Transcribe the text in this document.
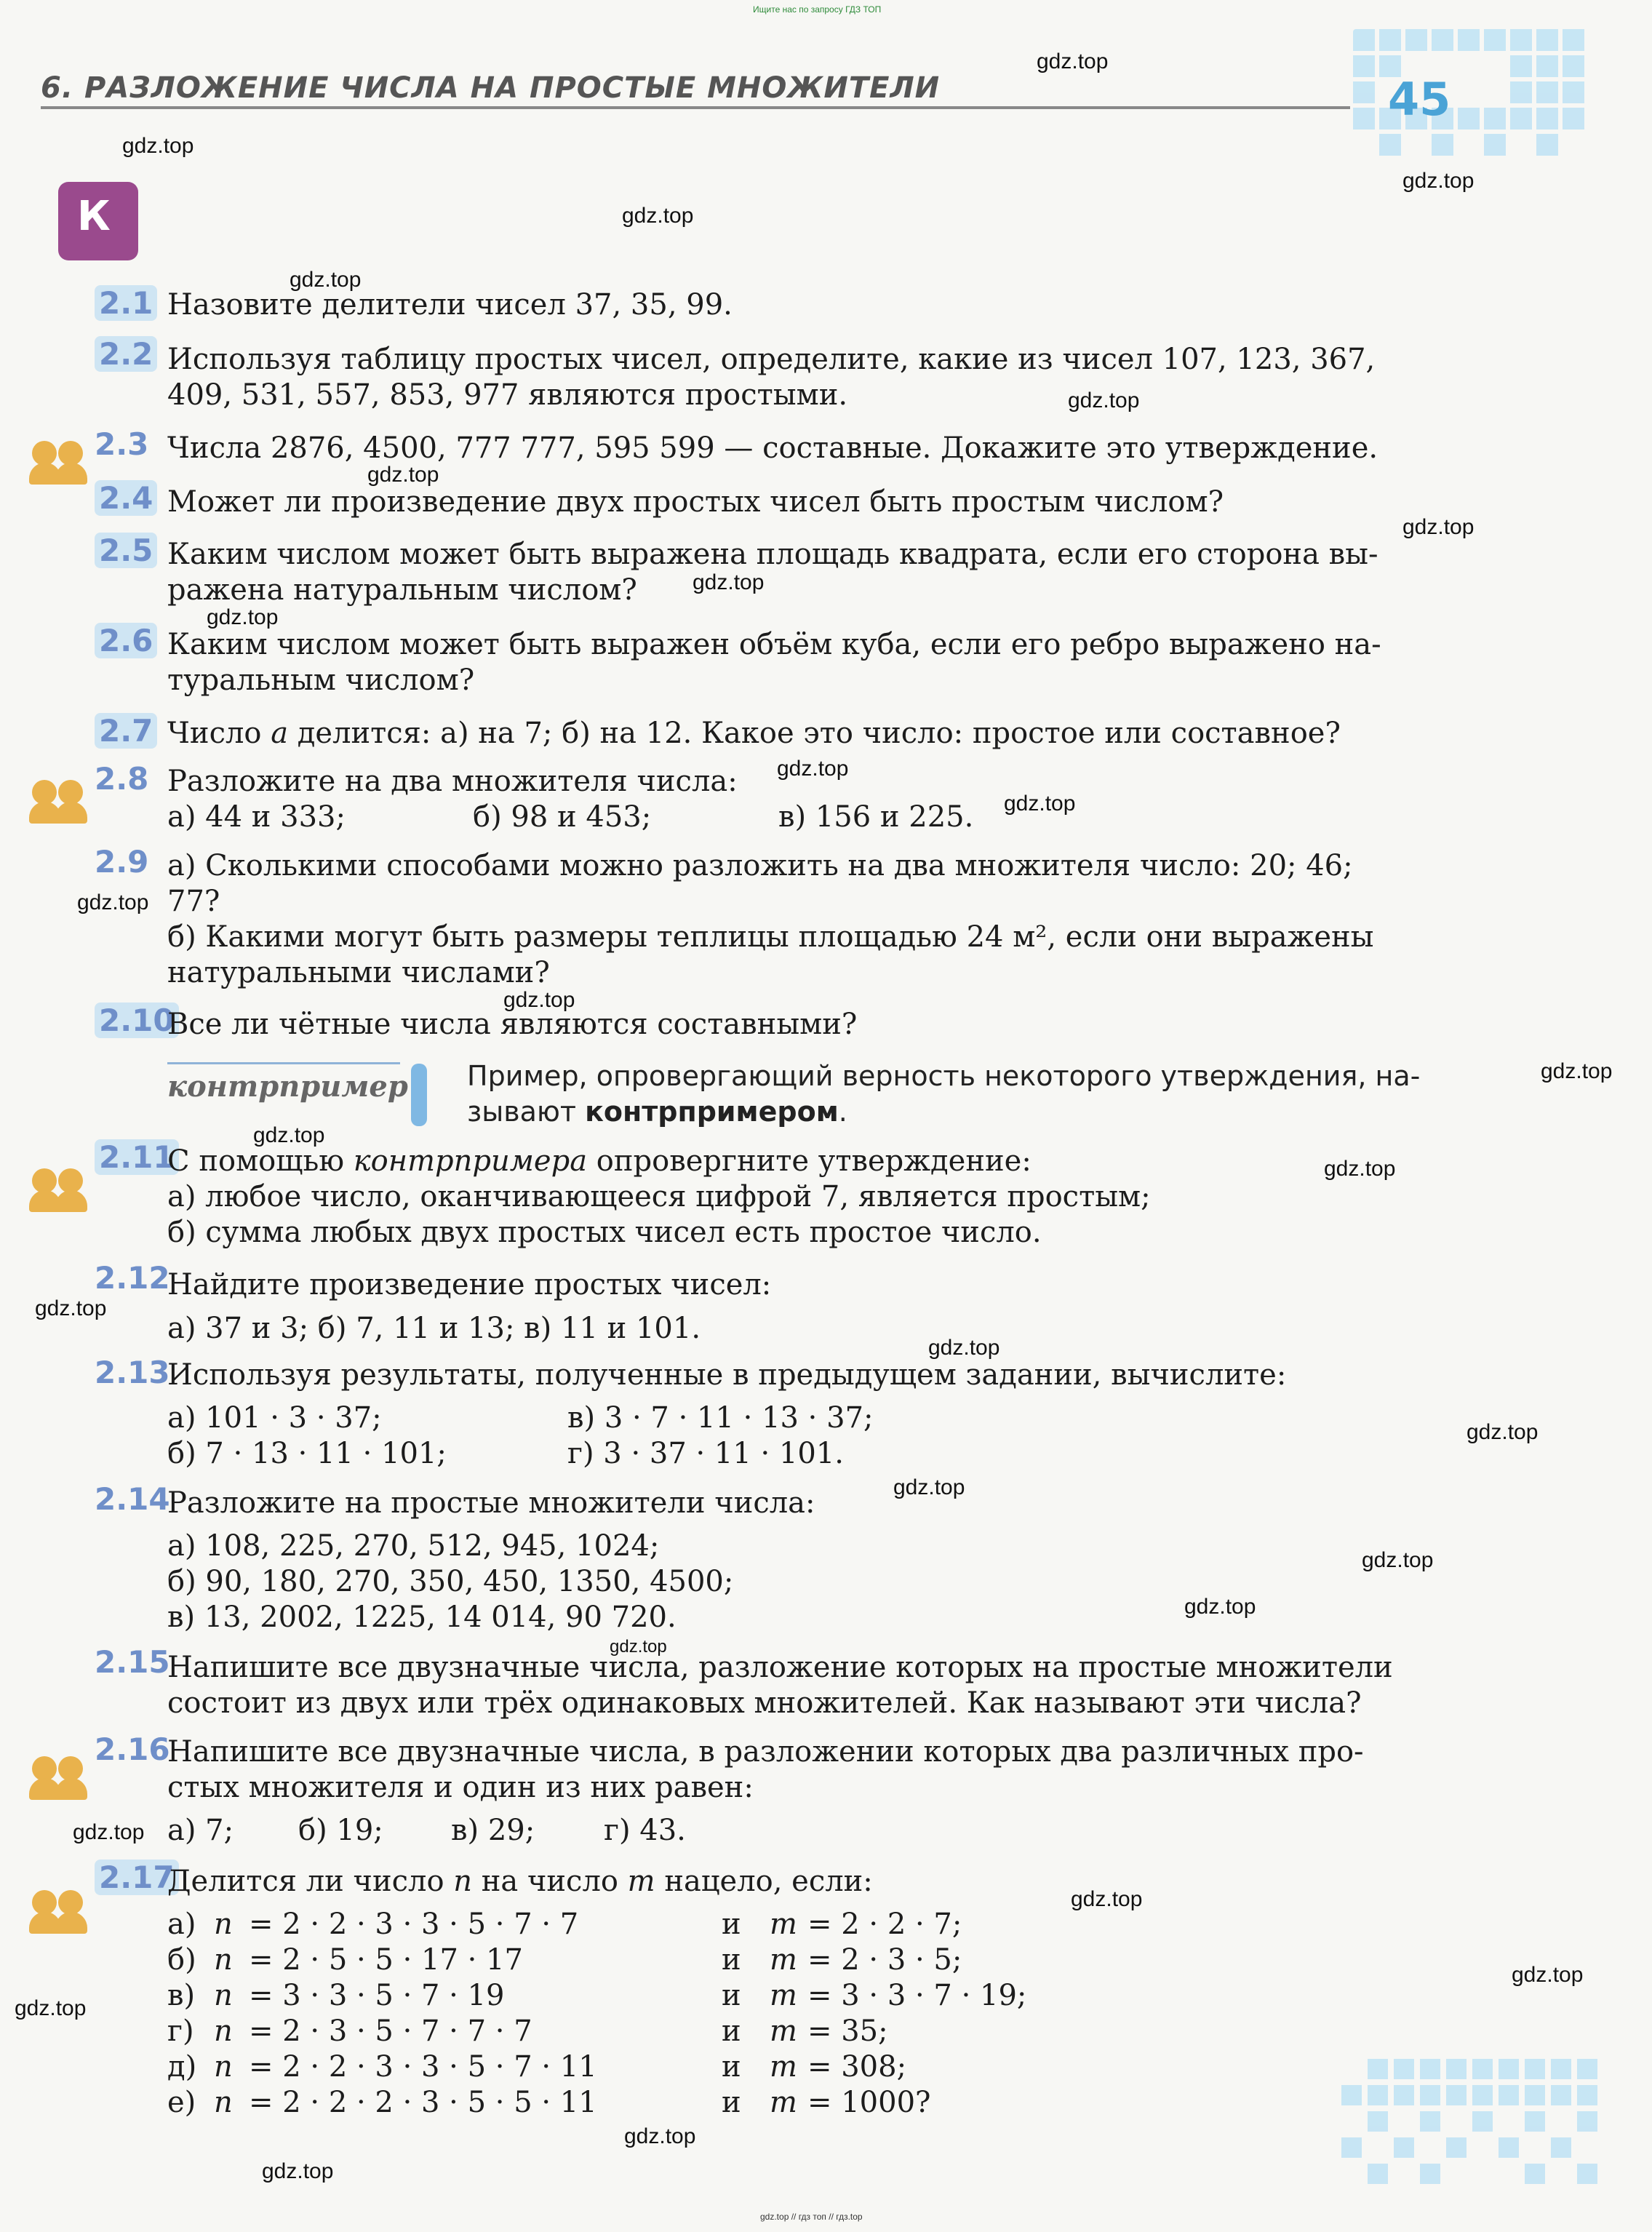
Ищите нас по запросу ГДЗ ТОП
6. РАЗЛОЖЕНИЕ ЧИСЛА НА ПРОСТЫЕ МНОЖИТЕЛИ	45
К
gdz.top
gdz.top
gdz.top
gdz.top
gdz.top
gdz.top
gdz.top
gdz.top
gdz.top
gdz.top
gdz.top
gdz.top
gdz.top
gdz.top
gdz.top
gdz.top
gdz.top
gdz.top
gdz.top
gdz.top
gdz.top
gdz.top
gdz.top
gdz.top
gdz.top
gdz.top
gdz.top
gdz.top
gdz.top
gdz.top
2.1 Назовите делители чисел 37, 35, 99.
2.2 Используя таблицу простых чисел, определите, какие из чисел 107, 123, 367,
409, 531, 557, 853, 977 являются простыми.
2.3 Числа 2876, 4500, 777 777, 595 599 — составные. Докажите это утверждение.
2.4 Может ли произведение двух простых чисел быть простым числом?
2.5 Каким числом может быть выражена площадь квадрата, если его сторона вы-
ражена натуральным числом?
2.6 Каким числом может быть выражен объём куба, если его ребро выражено на-
туральным числом?
2.7 Число a делится: а) на 7; б) на 12. Какое это число: простое или составное?
2.8 Разложите на два множителя числа:
а) 44 и 333;	б) 98 и 453;	в) 156 и 225.
2.9 а) Сколькими способами можно разложить на два множителя число: 20; 46;
77?
б) Какими могут быть размеры теплицы площадью 24 м², если они выражены
натуральными числами?
2.10
Все ли чётные числа являются составными?
контрпример Пример, опровергающий верность некоторого утверждения, на-
зывают контрпримером.
2.11
С помощью контрпримера опровергните утверждение:
а) любое число, оканчивающееся цифрой 7, является простым;
б) сумма любых двух простых чисел есть простое число.
2.12
Найдите произведение простых чисел:
а) 37 и 3; б) 7, 11 и 13; в) 11 и 101.
2.13
Используя результаты, полученные в предыдущем задании, вычислите:
а) 101 · 3 · 37;	в) 3 · 7 · 11 · 13 · 37;
б) 7 · 13 · 11 · 101;	г) 3 · 37 · 11 · 101.
2.14
Разложите на простые множители числа:
а) 108, 225, 270, 512, 945, 1024;
б) 90, 180, 270, 350, 450, 1350, 4500;
в) 13, 2002, 1225, 14 014, 90 720.
2.15
Напишите все двузначные числа, разложение которых на простые множители
состоит из двух или трёх одинаковых множителей. Как называют эти числа?
2.16
Напишите все двузначные числа, в разложении которых два различных про-
стых множителя и один из них равен:
а) 7;	б) 19;	в) 29;	г) 43.
2.17
Делится ли число n на число m нацело, если:
а)	n	= 2 · 2 · 3 · 3 · 5 · 7 · 7	и	m	= 2 · 2 · 7;
б)	n	= 2 · 5 · 5 · 17 · 17	и	m	= 2 · 3 · 5;
в)	n	= 3 · 3 · 5 · 7 · 19	и	m	= 3 · 3 · 7 · 19;
г)	n	= 2 · 3 · 5 · 7 · 7 · 7	и	m	= 35;
д)	n	= 2 · 2 · 3 · 3 · 5 · 7 · 11	и	m	= 308;
е)	n	= 2 · 2 · 2 · 3 · 5 · 5 · 11	и	m	= 1000?
gdz.top // гдз топ // гдз.top
